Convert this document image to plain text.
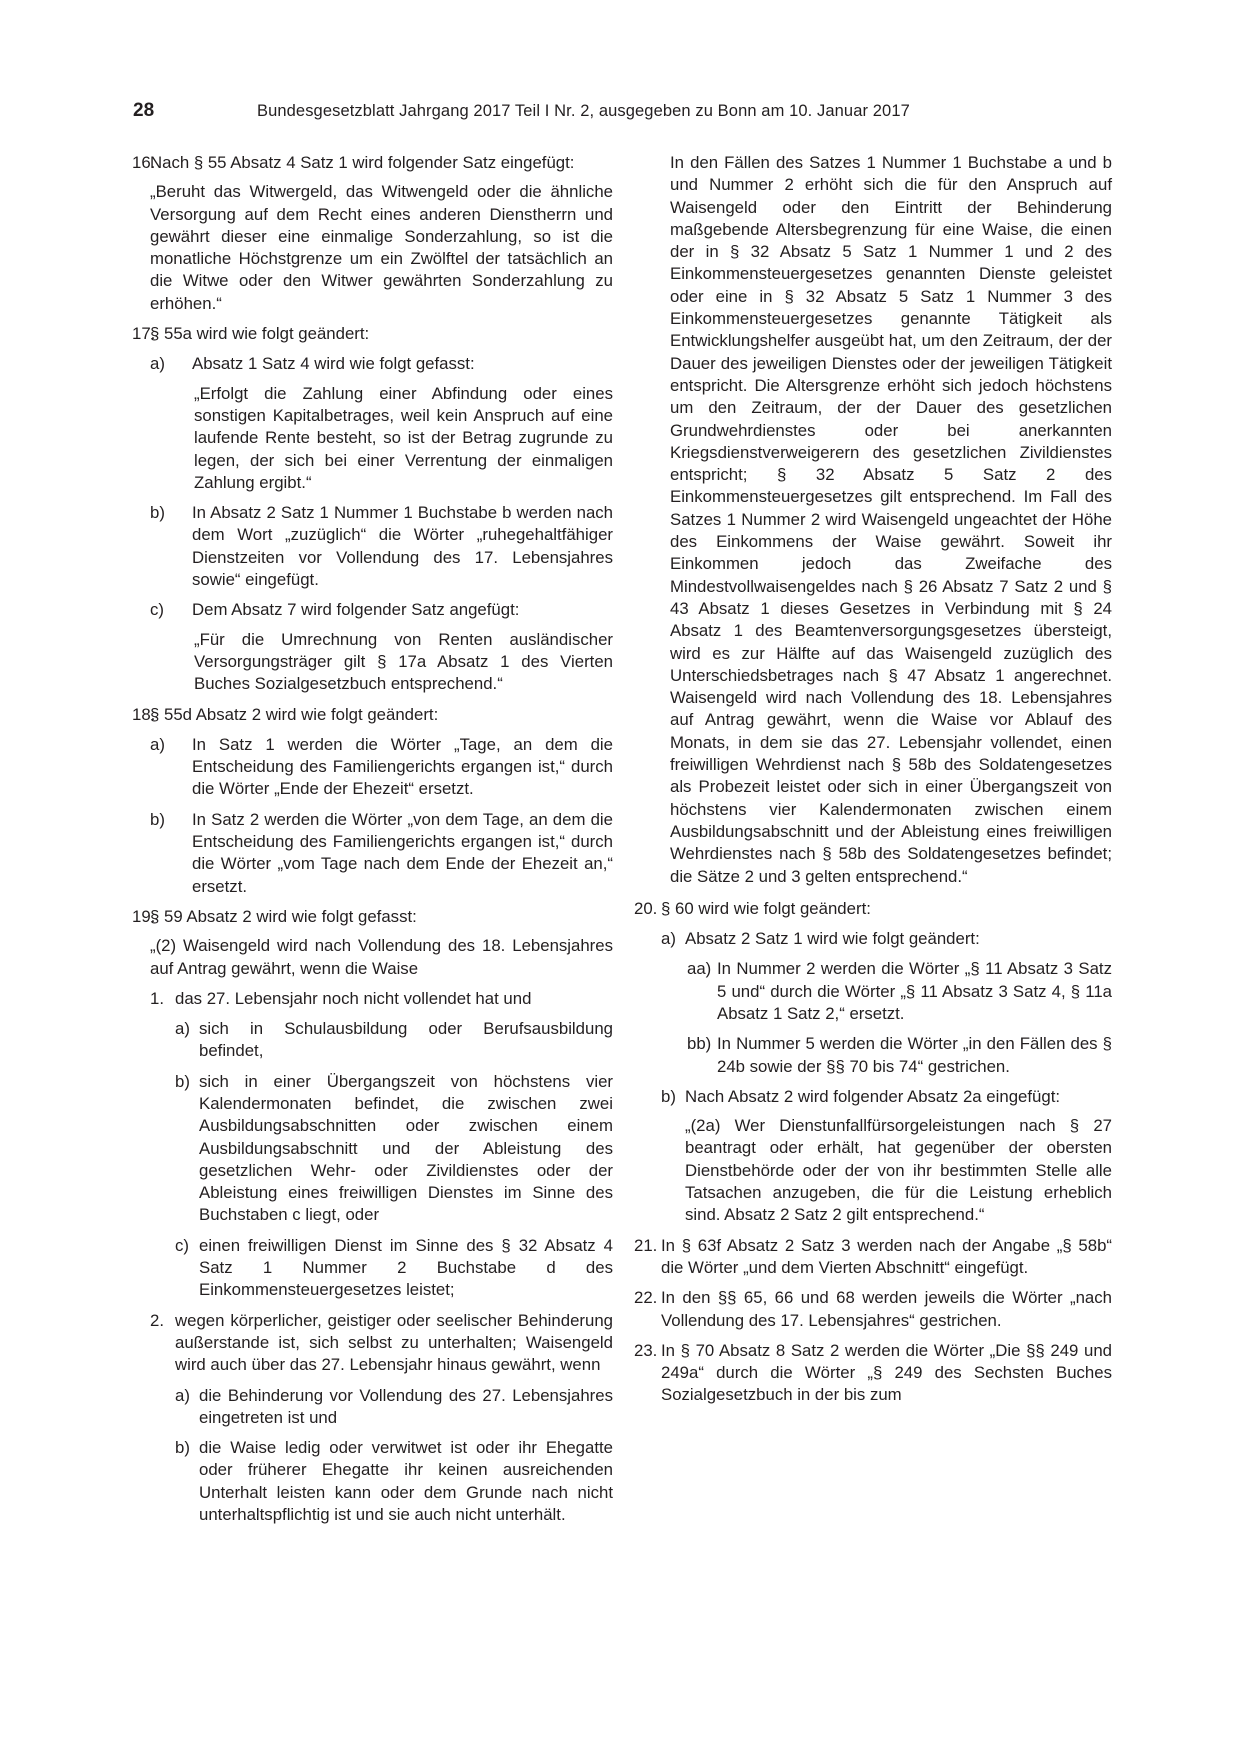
28	Bundesgesetzblatt Jahrgang 2017 Teil I Nr. 2, ausgegeben zu Bonn am 10. Januar 2017
16.
Nach § 55 Absatz 4 Satz 1 wird folgender Satz eingefügt:
„Beruht das Witwergeld, das Witwengeld oder die ähnliche Versorgung auf dem Recht eines anderen Dienstherrn und gewährt dieser eine einmalige Sonderzahlung, so ist die monatliche Höchstgrenze um ein Zwölftel der tatsächlich an die Witwe oder den Witwer gewährten Sonderzahlung zu erhöhen.“
17.
§ 55a wird wie folgt geändert:
a) Absatz 1 Satz 4 wird wie folgt gefasst:
„Erfolgt die Zahlung einer Abfindung oder eines sonstigen Kapitalbetrages, weil kein Anspruch auf eine laufende Rente besteht, so ist der Betrag zugrunde zu legen, der sich bei einer Verrentung der einmaligen Zahlung ergibt.“
b) In Absatz 2 Satz 1 Nummer 1 Buchstabe b werden nach dem Wort „zuzüglich“ die Wörter „ruhegehaltfähiger Dienstzeiten vor Vollendung des 17. Lebensjahres sowie“ eingefügt.
c) Dem Absatz 7 wird folgender Satz angefügt:
„Für die Umrechnung von Renten ausländischer Versorgungsträger gilt § 17a Absatz 1 des Vierten Buches Sozialgesetzbuch entsprechend.“
18.
§ 55d Absatz 2 wird wie folgt geändert:
a) In Satz 1 werden die Wörter „Tage, an dem die Entscheidung des Familiengerichts ergangen ist,“ durch die Wörter „Ende der Ehezeit“ ersetzt.
b) In Satz 2 werden die Wörter „von dem Tage, an dem die Entscheidung des Familiengerichts ergangen ist,“ durch die Wörter „vom Tage nach dem Ende der Ehezeit an,“ ersetzt.
19.
§ 59 Absatz 2 wird wie folgt gefasst:
„(2) Waisengeld wird nach Vollendung des 18. Lebensjahres auf Antrag gewährt, wenn die Waise
1. das 27. Lebensjahr noch nicht vollendet hat und
a) sich in Schulausbildung oder Berufsausbildung befindet,
b) sich in einer Übergangszeit von höchstens vier Kalendermonaten befindet, die zwischen zwei Ausbildungsabschnitten oder zwischen einem Ausbildungsabschnitt und der Ableistung des gesetzlichen Wehr- oder Zivildienstes oder der Ableistung eines freiwilligen Dienstes im Sinne des Buchstaben c liegt, oder
c) einen freiwilligen Dienst im Sinne des § 32 Absatz 4 Satz 1 Nummer 2 Buchstabe d des Einkommensteuergesetzes leistet;
2. wegen körperlicher, geistiger oder seelischer Behinderung außerstande ist, sich selbst zu unterhalten; Waisengeld wird auch über das 27. Lebensjahr hinaus gewährt, wenn
a) die Behinderung vor Vollendung des 27. Lebensjahres eingetreten ist und
b) die Waise ledig oder verwitwet ist oder ihr Ehegatte oder früherer Ehegatte ihr keinen ausreichenden Unterhalt leisten kann oder dem Grunde nach nicht unterhaltspflichtig ist und sie auch nicht unterhält.
In den Fällen des Satzes 1 Nummer 1 Buchstabe a und b und Nummer 2 erhöht sich die für den Anspruch auf Waisengeld oder den Eintritt der Behinderung maßgebende Altersbegrenzung für eine Waise, die einen der in § 32 Absatz 5 Satz 1 Nummer 1 und 2 des Einkommensteuergesetzes genannten Dienste geleistet oder eine in § 32 Absatz 5 Satz 1 Nummer 3 des Einkommensteuergesetzes genannte Tätigkeit als Entwicklungshelfer ausgeübt hat, um den Zeitraum, der der Dauer des jeweiligen Dienstes oder der jeweiligen Tätigkeit entspricht. Die Altersgrenze erhöht sich jedoch höchstens um den Zeitraum, der der Dauer des gesetzlichen Grundwehrdienstes oder bei anerkannten Kriegsdienstverweigerern des gesetzlichen Zivildienstes entspricht; § 32 Absatz 5 Satz 2 des Einkommensteuergesetzes gilt entsprechend. Im Fall des Satzes 1 Nummer 2 wird Waisengeld ungeachtet der Höhe des Einkommens der Waise gewährt. Soweit ihr Einkommen jedoch das Zweifache des Mindestvollwaisengeldes nach § 26 Absatz 7 Satz 2 und § 43 Absatz 1 dieses Gesetzes in Verbindung mit § 24 Absatz 1 des Beamtenversorgungsgesetzes übersteigt, wird es zur Hälfte auf das Waisengeld zuzüglich des Unterschiedsbetrages nach § 47 Absatz 1 angerechnet. Waisengeld wird nach Vollendung des 18. Lebensjahres auf Antrag gewährt, wenn die Waise vor Ablauf des Monats, in dem sie das 27. Lebensjahr vollendet, einen freiwilligen Wehrdienst nach § 58b des Soldatengesetzes als Probezeit leistet oder sich in einer Übergangszeit von höchstens vier Kalendermonaten zwischen einem Ausbildungsabschnitt und der Ableistung eines freiwilligen Wehrdienstes nach § 58b des Soldatengesetzes befindet; die Sätze 2 und 3 gelten entsprechend.“
20. § 60 wird wie folgt geändert:
a) Absatz 2 Satz 1 wird wie folgt geändert:
aa) In Nummer 2 werden die Wörter „§ 11 Absatz 3 Satz 5 und“ durch die Wörter „§ 11 Absatz 3 Satz 4, § 11a Absatz 1 Satz 2,“ ersetzt.
bb) In Nummer 5 werden die Wörter „in den Fällen des § 24b sowie der §§ 70 bis 74“ gestrichen.
b) Nach Absatz 2 wird folgender Absatz 2a eingefügt:
„(2a) Wer Dienstunfallfürsorgeleistungen nach § 27 beantragt oder erhält, hat gegenüber der obersten Dienstbehörde oder der von ihr bestimmten Stelle alle Tatsachen anzugeben, die für die Leistung erheblich sind. Absatz 2 Satz 2 gilt entsprechend.“
21. In § 63f Absatz 2 Satz 3 werden nach der Angabe „§ 58b“ die Wörter „und dem Vierten Abschnitt“ eingefügt.
22. In den §§ 65, 66 und 68 werden jeweils die Wörter „nach Vollendung des 17. Lebensjahres“ gestrichen.
23. In § 70 Absatz 8 Satz 2 werden die Wörter „Die §§ 249 und 249a“ durch die Wörter „§ 249 des Sechsten Buches Sozialgesetzbuch in der bis zum
